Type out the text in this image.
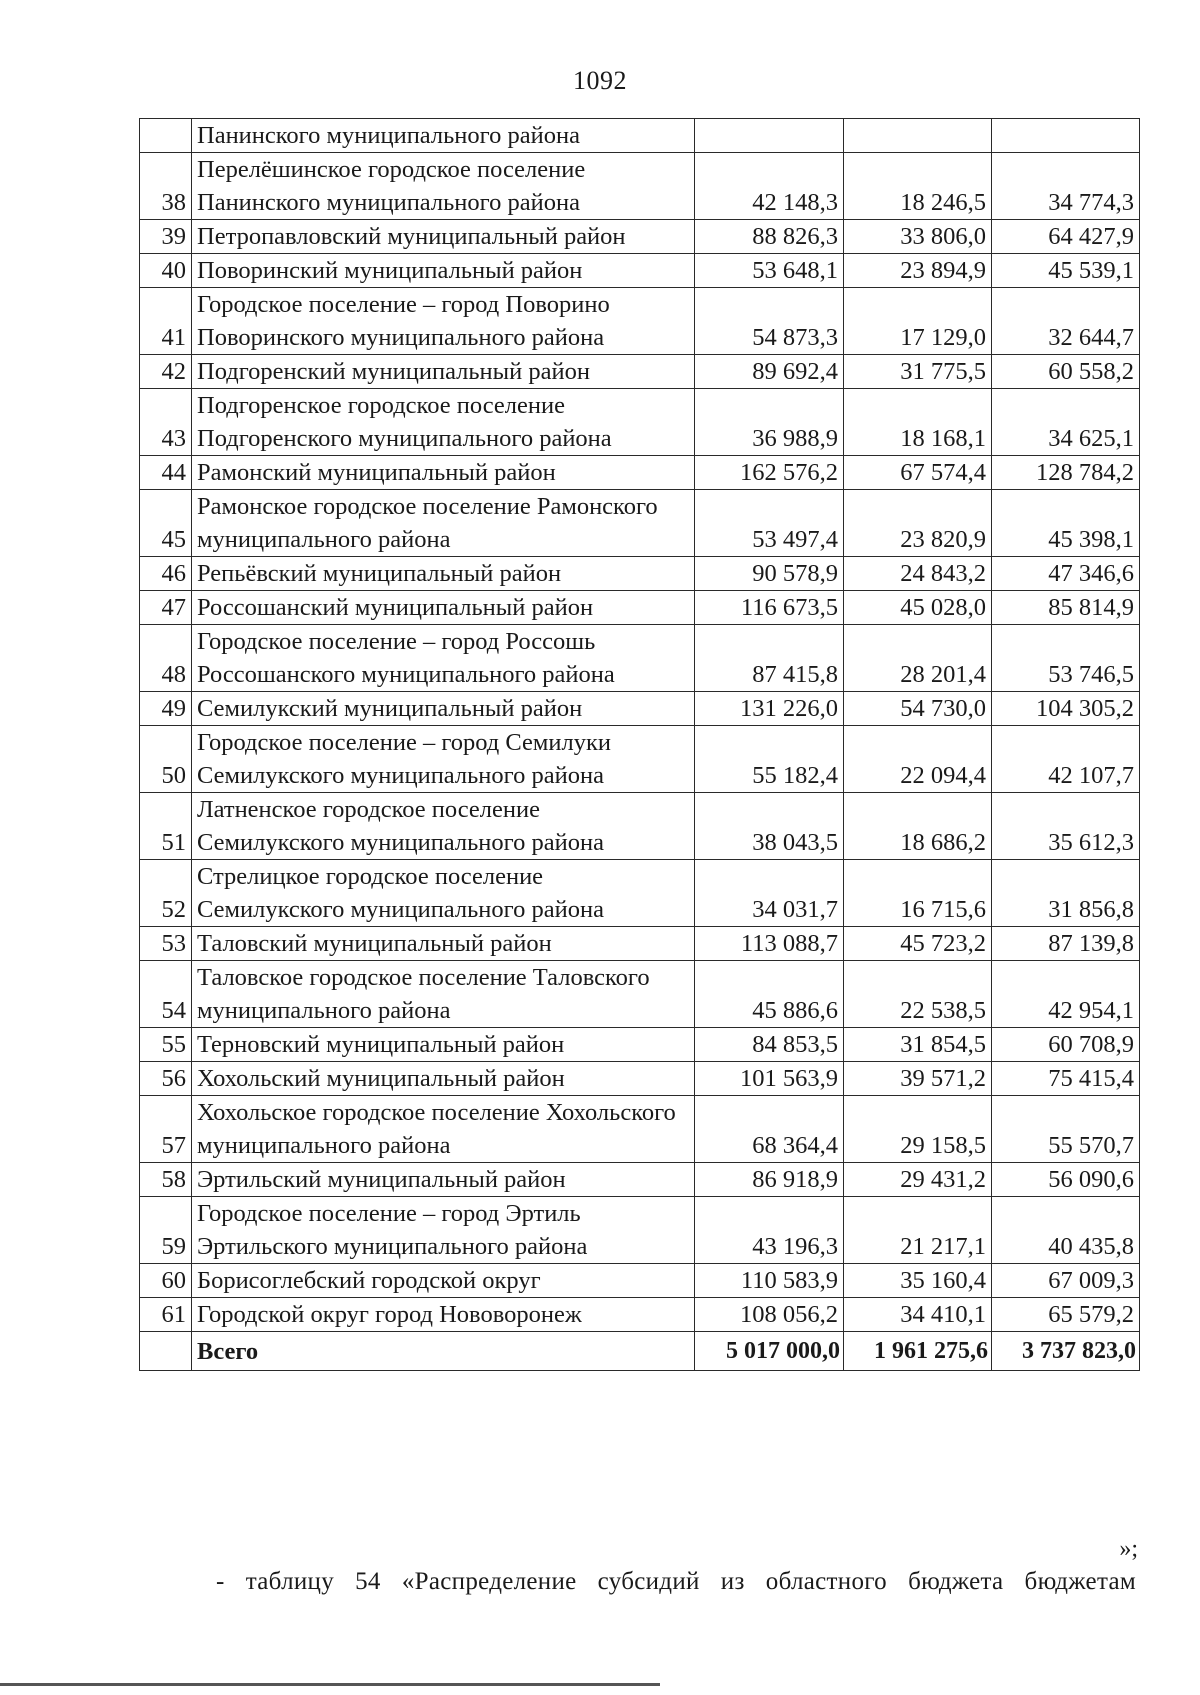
1092
	Панинского муниципального района			
38	Перелёшинское городское поселение Панинского муниципального района	42 148,3	18 246,5	34 774,3
39	Петропавловский муниципальный район	88 826,3	33 806,0	64 427,9
40	Поворинский муниципальный район	53 648,1	23 894,9	45 539,1
41	Городское поселение – город Поворино Поворинского муниципального района	54 873,3	17 129,0	32 644,7
42	Подгоренский муниципальный район	89 692,4	31 775,5	60 558,2
43	Подгоренское городское поселение Подгоренского муниципального района	36 988,9	18 168,1	34 625,1
44	Рамонский муниципальный район	162 576,2	67 574,4	128 784,2
45	Рамонское городское поселение Рамонского муниципального района	53 497,4	23 820,9	45 398,1
46	Репьёвский муниципальный район	90 578,9	24 843,2	47 346,6
47	Россошанский муниципальный район	116 673,5	45 028,0	85 814,9
48	Городское поселение – город Россошь Россошанского муниципального района	87 415,8	28 201,4	53 746,5
49	Семилукский муниципальный район	131 226,0	54 730,0	104 305,2
50	Городское поселение – город Семилуки Семилукского муниципального района	55 182,4	22 094,4	42 107,7
51	Латненское городское поселение Семилукского муниципального района	38 043,5	18 686,2	35 612,3
52	Стрелицкое городское поселение Семилукского муниципального района	34 031,7	16 715,6	31 856,8
53	Таловский муниципальный район	113 088,7	45 723,2	87 139,8
54	Таловское городское поселение Таловского муниципального района	45 886,6	22 538,5	42 954,1
55	Терновский муниципальный район	84 853,5	31 854,5	60 708,9
56	Хохольский муниципальный район	101 563,9	39 571,2	75 415,4
57	Хохольское городское поселение Хохольского муниципального района	68 364,4	29 158,5	55 570,7
58	Эртильский муниципальный район	86 918,9	29 431,2	56 090,6
59	Городское поселение – город Эртиль Эртильского муниципального района	43 196,3	21 217,1	40 435,8
60	Борисоглебский городской округ	110 583,9	35 160,4	67 009,3
61	Городской округ город Нововоронеж	108 056,2	34 410,1	65 579,2
	Всего	5 017 000,0	1 961 275,6	3 737 823,0
»;
- таблицу 54 «Распределение субсидий из областного бюджета бюджетам
